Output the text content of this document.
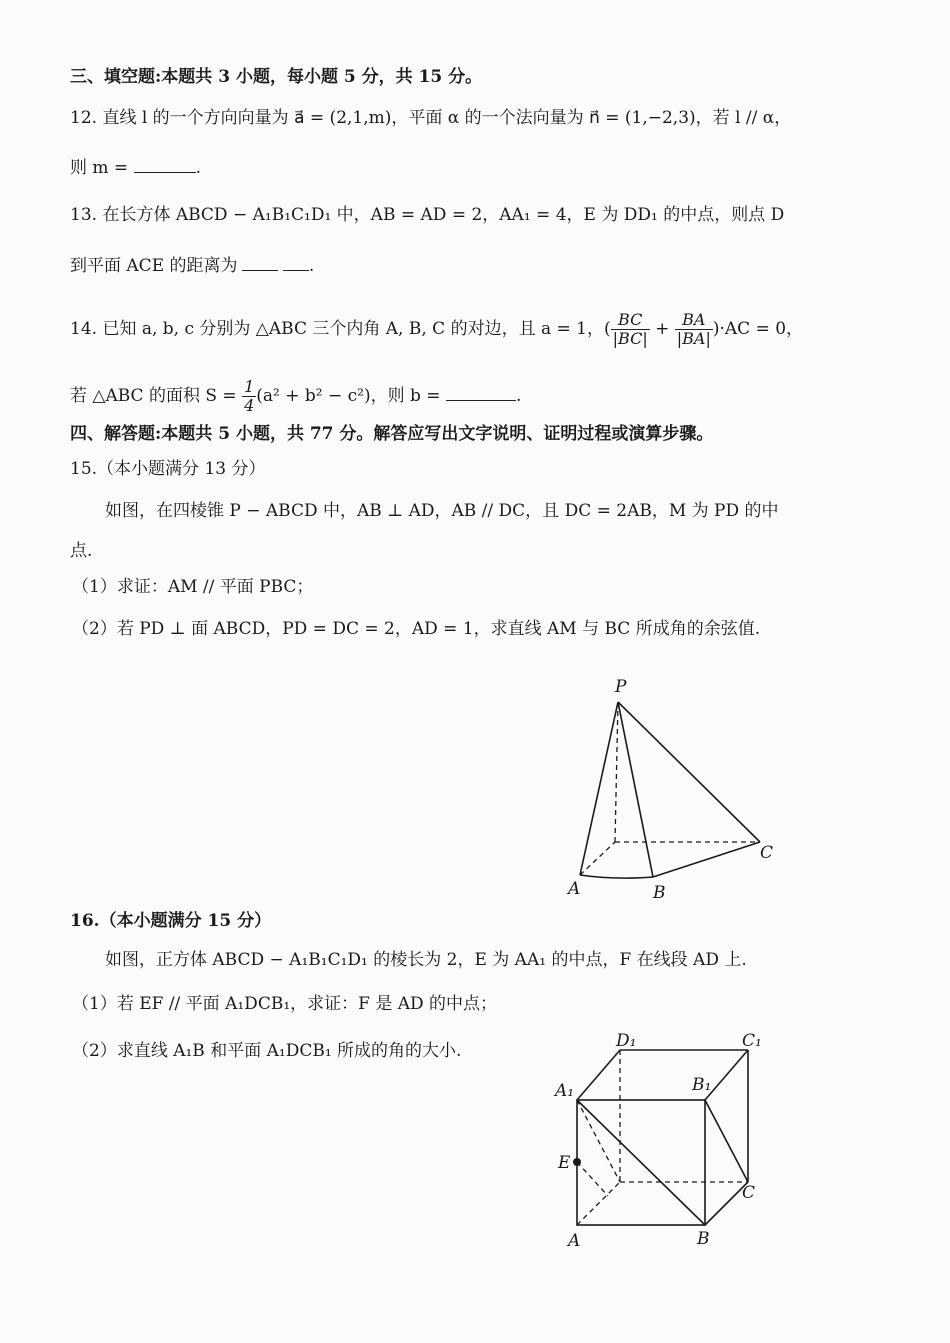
三、填空题:本题共 3 小题，每小题 5 分，共 15 分。
12. 直线 l 的一个方向向量为 a⃗ = (2,1,m)，平面 α 的一个法向量为 n⃗ = (1,−2,3)，若 l // α，
则 m =	.
13. 在长方体 ABCD − A₁B₁C₁D₁ 中，AB = AD = 2，AA₁ = 4，E 为 DD₁ 的中点，则点 D
到平面 ACE 的距离为	.
14. 已知 a, b, c 分别为 △ABC 三个内角 A, B, C 的对边，且 a = 1，( $\frac{BC}{|BC|} + \frac{BA}{|BA|} )\cdot AC = 0$，
若 △ABC 的面积 $S = \frac{1}{4} (a^2 + b^2 - c^2)$，则 b =	.
四、解答题:本题共 5 小题，共 77 分。解答应写出文字说明、证明过程或演算步骤。
15.（本小题满分 13 分）
如图，在四棱锥 P − ABCD 中，AB ⊥ AD，AB // DC，且 DC = 2AB，M 为 PD 的中
点.
（1）求证：AM // 平面 PBC；
（2）若 PD ⊥ 面 ABCD，PD = DC = 2，AD = 1，求直线 AM 与 BC 所成角的余弦值.
P
A	B
C
16.（本小题满分 15 分）
如图，正方体 ABCD − A₁B₁C₁D₁ 的棱长为 2，E 为 AA₁ 的中点，F 在线段 AD 上.
（1）若 EF // 平面 A₁DCB₁，求证：F 是 AD 的中点；
（2）求直线 A₁B 和平面 A₁DCB₁ 所成的角的大小.	D₁	C₁
A₁	B₁
E
C
A	B
